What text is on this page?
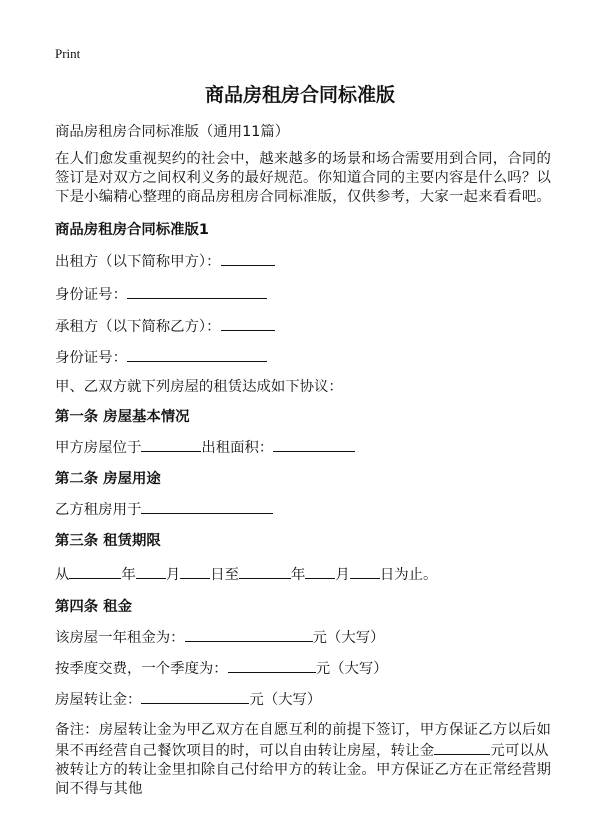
Print
商品房租房合同标准版
商品房租房合同标准版（通用11篇）
在人们愈发重视契约的社会中，越来越多的场景和场合需要用到合同，合同的签订是对双方之间权利义务的最好规范。你知道合同的主要内容是什么吗？以下是小编精心整理的商品房租房合同标准版，仅供参考，大家一起来看看吧。
商品房租房合同标准版1
出租方（以下简称甲方）：
身份证号：
承租方（以下简称乙方）：
身份证号：
甲、乙双方就下列房屋的租赁达成如下协议：
第一条 房屋基本情况
甲方房屋位于	出租面积：
第二条 房屋用途
乙方租房用于
第三条 租赁期限
从	年 月 日至	年 月 日为止。
第四条 租金
该房屋一年租金为：	元（大写）
按季度交费，一个季度为：	元（大写）
房屋转让金：	元（大写）
备注：房屋转让金为甲乙双方在自愿互利的前提下签订，甲方保证乙方以后如果不再经营自己餐饮项目的时，可以自由转让房屋，转让金	元可以从被转让方的转让金里扣除自己付给甲方的转让金。甲方保证乙方在正常经营期间不得与其他
